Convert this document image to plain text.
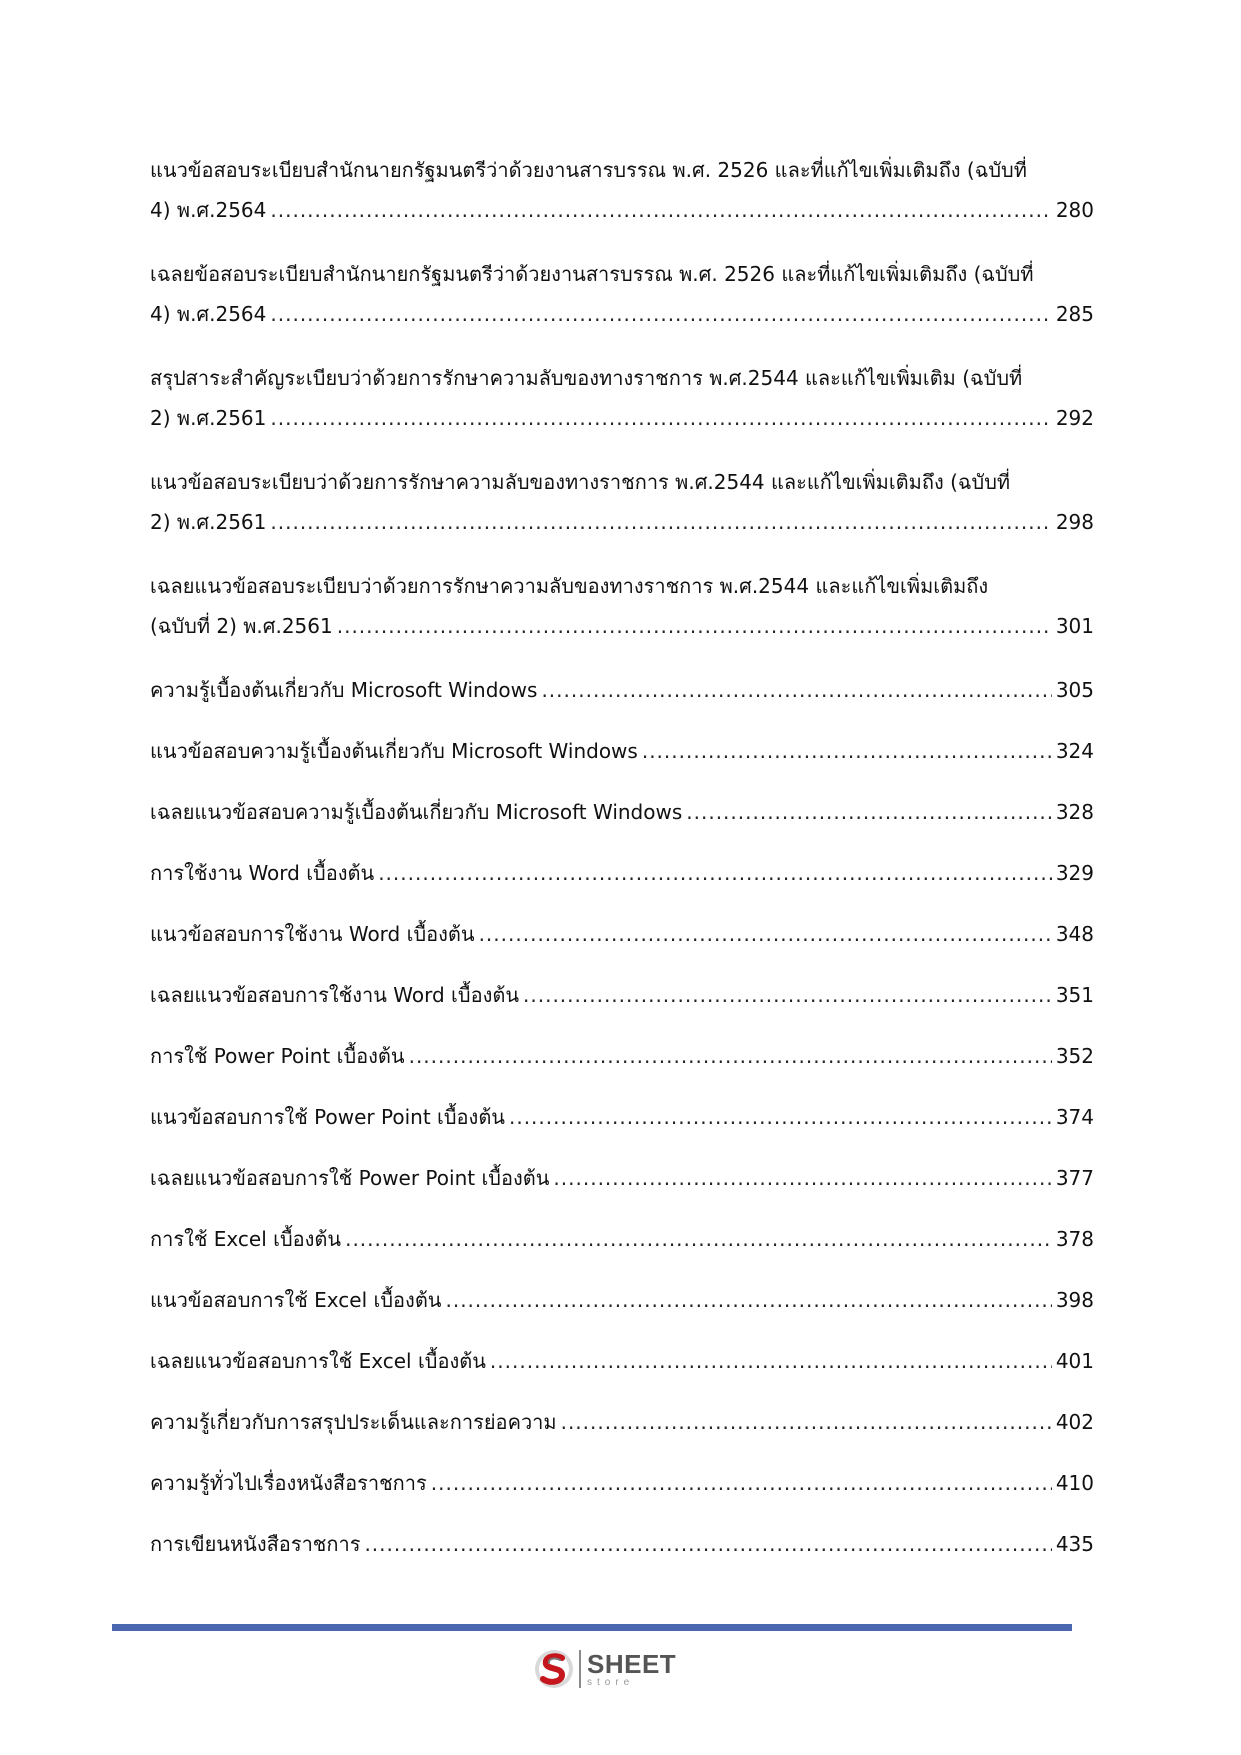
แนวข้อสอบระเบียบสำนักนายกรัฐมนตรีว่าด้วยงานสารบรรณ พ.ศ. 2526 และที่แก้ไขเพิ่มเติมถึง (ฉบับที่
4) พ.ศ.2564 .....	280
เฉลยข้อสอบระเบียบสำนักนายกรัฐมนตรีว่าด้วยงานสารบรรณ พ.ศ. 2526 และที่แก้ไขเพิ่มเติมถึง (ฉบับที่
4) พ.ศ.2564 .....	285
สรุปสาระสำคัญระเบียบว่าด้วยการรักษาความลับของทางราชการ พ.ศ.2544 และแก้ไขเพิ่มเติม (ฉบับที่
2) พ.ศ.2561 .....	292
แนวข้อสอบระเบียบว่าด้วยการรักษาความลับของทางราชการ พ.ศ.2544 และแก้ไขเพิ่มเติมถึง (ฉบับที่
2) พ.ศ.2561 .....	298
เฉลยแนวข้อสอบระเบียบว่าด้วยการรักษาความลับของทางราชการ พ.ศ.2544 และแก้ไขเพิ่มเติมถึง
(ฉบับที่ 2) พ.ศ.2561 .....	301
ความรู้เบื้องต้นเกี่ยวกับ Microsoft Windows .....	305
แนวข้อสอบความรู้เบื้องต้นเกี่ยวกับ Microsoft Windows .....	324
เฉลยแนวข้อสอบความรู้เบื้องต้นเกี่ยวกับ Microsoft Windows .....	328
การใช้งาน Word เบื้องต้น .....	329
แนวข้อสอบการใช้งาน Word เบื้องต้น .....	348
เฉลยแนวข้อสอบการใช้งาน Word เบื้องต้น .....	351
การใช้ Power Point เบื้องต้น .....	352
แนวข้อสอบการใช้ Power Point เบื้องต้น .....	374
เฉลยแนวข้อสอบการใช้ Power Point เบื้องต้น .....	377
การใช้ Excel เบื้องต้น .....	378
แนวข้อสอบการใช้ Excel เบื้องต้น .....	398
เฉลยแนวข้อสอบการใช้ Excel เบื้องต้น .....	401
ความรู้เกี่ยวกับการสรุปประเด็นและการย่อความ .....	402
ความรู้ทั่วไปเรื่องหนังสือราชการ .....	410
การเขียนหนังสือราชการ .....	435
SHEET
store
